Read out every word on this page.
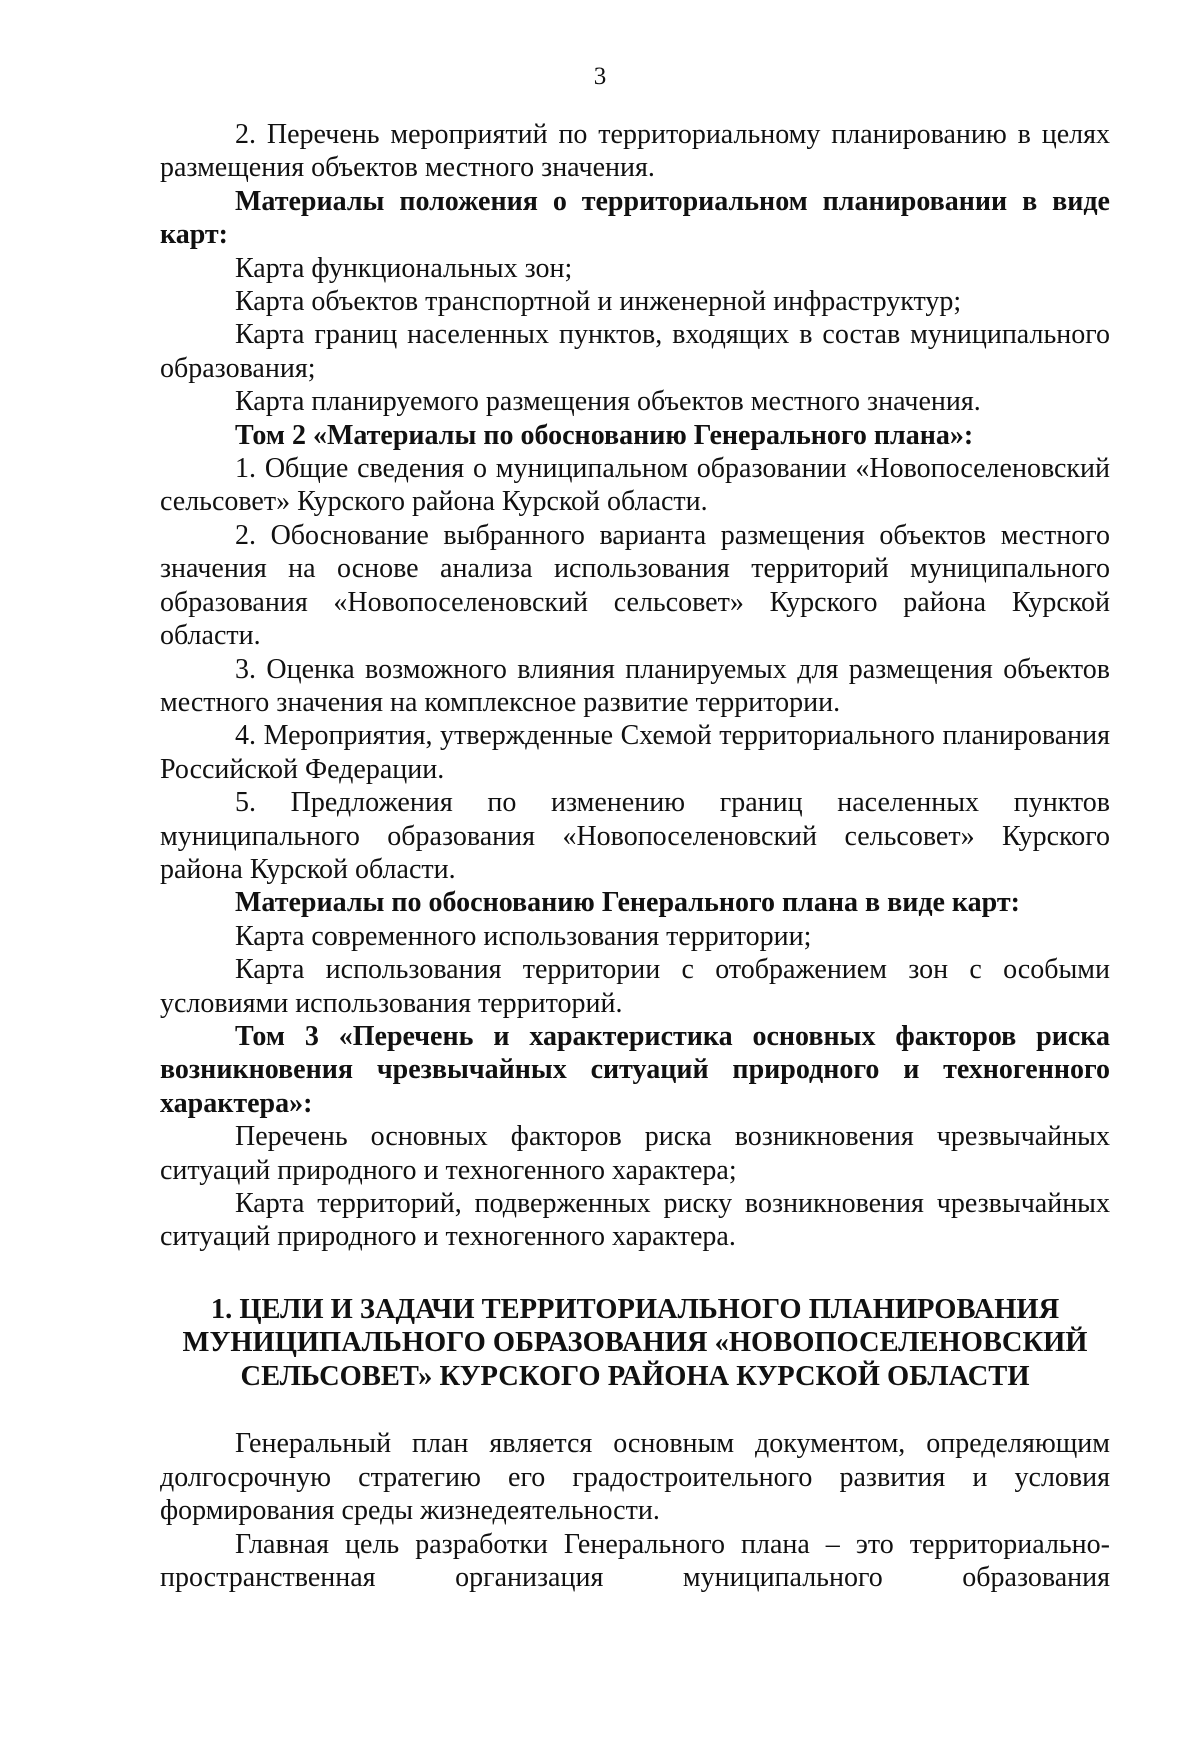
3

2. Перечень мероприятий по территориальному планированию в целях размещения объектов местного значения.

Материалы положения о территориальном планировании в виде карт:

Карта функциональных зон;

Карта объектов транспортной и инженерной инфраструктур;

Карта границ населенных пунктов, входящих в состав муниципального образования;

Карта планируемого размещения объектов местного значения.

Том 2 «Материалы по обоснованию Генерального плана»:

1. Общие сведения о муниципальном образовании «Новопоселеновский сельсовет» Курского района Курской области.

2. Обоснование выбранного варианта размещения объектов местного значения на основе анализа использования территорий муниципального образования «Новопоселеновский сельсовет» Курского района Курской области.

3. Оценка возможного влияния планируемых для размещения объектов местного значения на комплексное развитие территории.

4. Мероприятия, утвержденные Схемой территориального планирования Российской Федерации.

5. Предложения по изменению границ населенных пунктов муниципального образования «Новопоселеновский сельсовет» Курского района Курской области.

Материалы по обоснованию Генерального плана в виде карт:

Карта современного использования территории;

Карта использования территории с отображением зон с особыми условиями использования территорий.

Том 3 «Перечень и характеристика основных факторов риска возникновения чрезвычайных ситуаций природного и техногенного характера»:

Перечень основных факторов риска возникновения чрезвычайных ситуаций природного и техногенного характера;

Карта территорий, подверженных риску возникновения чрезвычайных ситуаций природного и техногенного характера.

1. ЦЕЛИ И ЗАДАЧИ ТЕРРИТОРИАЛЬНОГО ПЛАНИРОВАНИЯ МУНИЦИПАЛЬНОГО ОБРАЗОВАНИЯ «НОВОПОСЕЛЕНОВСКИЙ СЕЛЬСОВЕТ» КУРСКОГО РАЙОНА КУРСКОЙ ОБЛАСТИ

Генеральный план является основным документом, определяющим долгосрочную стратегию его градостроительного развития и условия формирования среды жизнедеятельности.

Главная цель разработки Генерального плана – это территориально-пространственная организация муниципального образования
